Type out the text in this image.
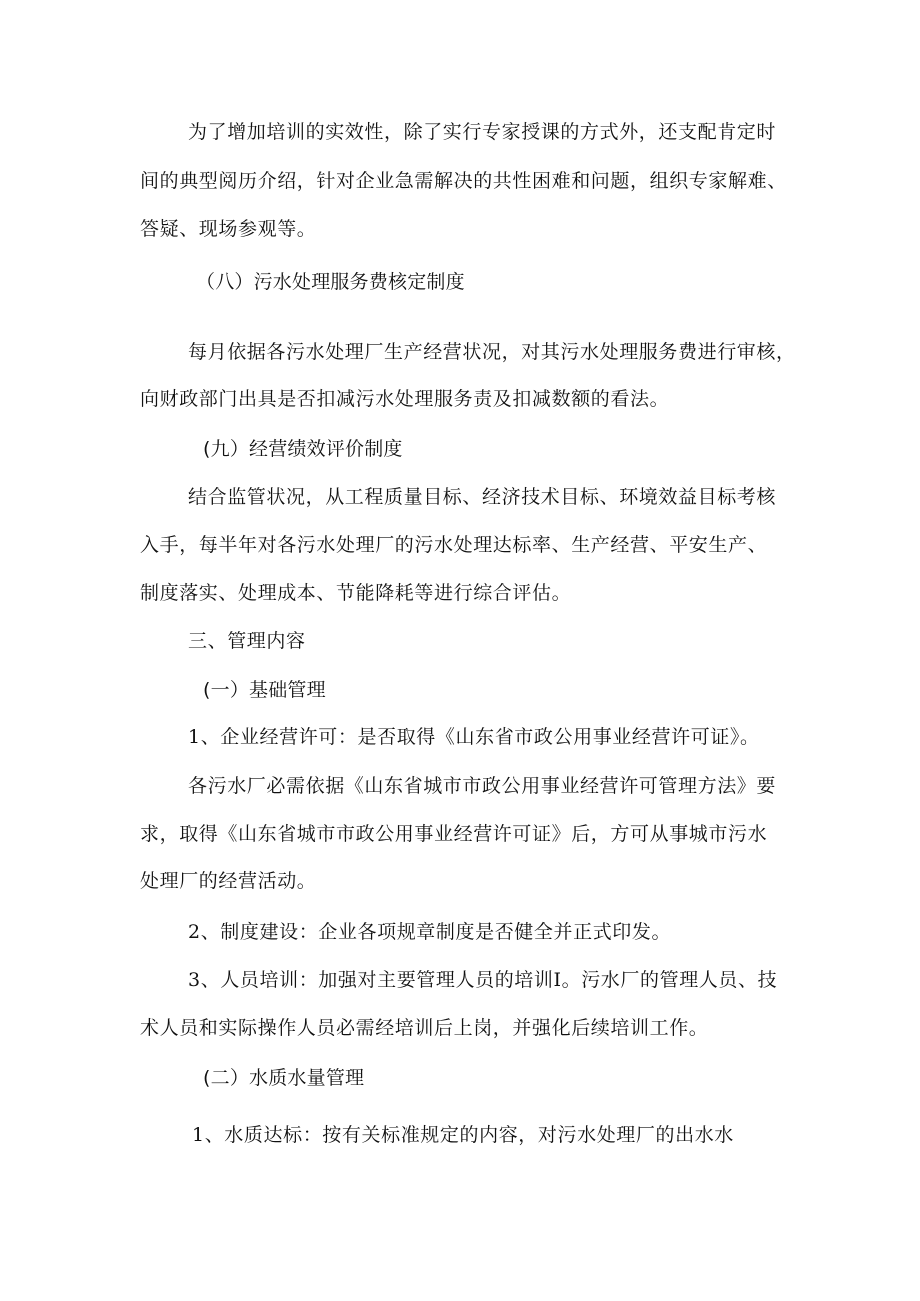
为了增加培训的实效性，除了实行专家授课的方式外，还支配肯定时

间的典型阅历介绍，针对企业急需解决的共性困难和问题，组织专家解难、

答疑、现场参观等。

（八）污水处理服务费核定制度

每月依据各污水处理厂生产经营状况，对其污水处理服务费进行审核，

向财政部门出具是否扣减污水处理服务责及扣减数额的看法。

(九）经营绩效评价制度

结合监管状况，从工程质量目标、经济技术目标、环境效益目标考核

入手，每半年对各污水处理厂的污水处理达标率、生产经营、平安生产、

制度落实、处理成本、节能降耗等进行综合评估。

三、管理内容

(一）基础管理

1、企业经营许可：是否取得《山东省市政公用事业经营许可证》。

各污水厂必需依据《山东省城市市政公用事业经营许可管理方法》要

求，取得《山东省城市市政公用事业经营许可证》后，方可从事城市污水

处理厂的经营活动。

2、制度建设：企业各项规章制度是否健全并正式印发。

3、人员培训：加强对主要管理人员的培训I。污水厂的管理人员、技

术人员和实际操作人员必需经培训后上岗，并强化后续培训工作。

(二）水质水量管理

1、水质达标：按有关标准规定的内容，对污水处理厂的出水水
